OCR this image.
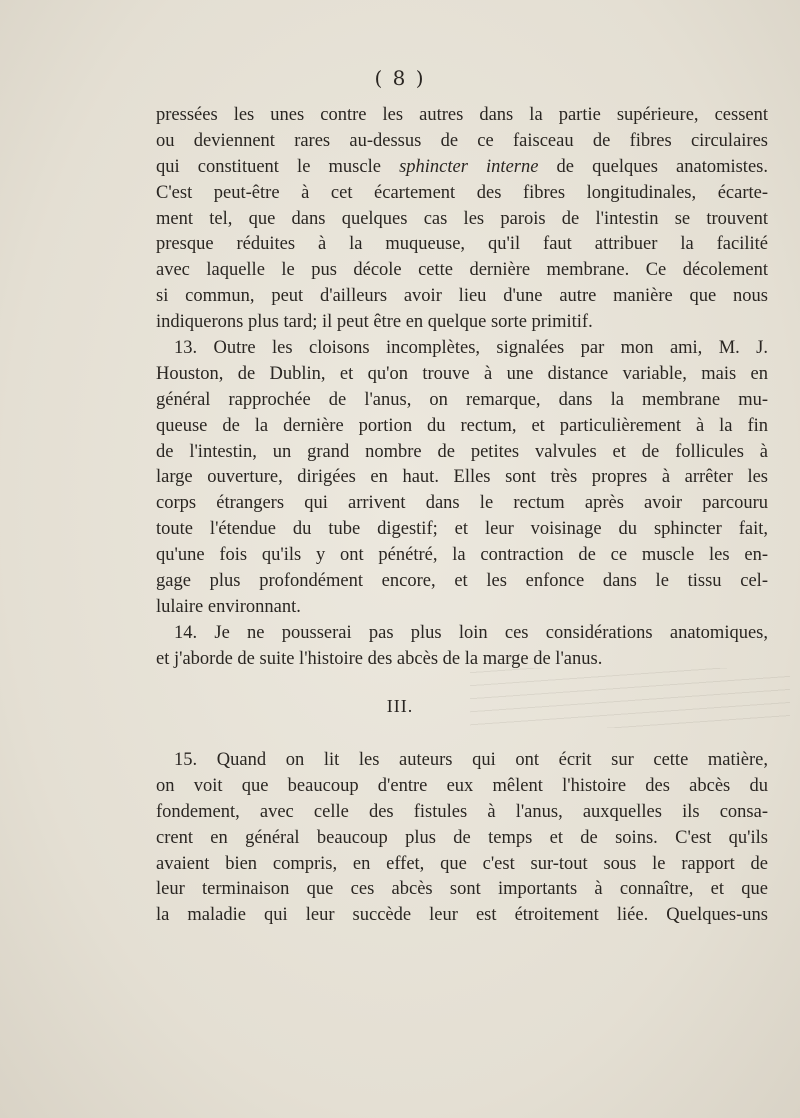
( 8 )
pressées les unes contre les autres dans la partie supérieure, cessent
ou deviennent rares au-dessus de ce faisceau de fibres circulaires
qui constituent le muscle sphincter interne de quelques anatomistes.
C'est peut-être à cet écartement des fibres longitudinales, écarte-
ment tel, que dans quelques cas les parois de l'intestin se trouvent
presque réduites à la muqueuse, qu'il faut attribuer la facilité
avec laquelle le pus décole cette dernière membrane. Ce décolement
si commun, peut d'ailleurs avoir lieu d'une autre manière que nous
indiquerons plus tard; il peut être en quelque sorte primitif.
13. Outre les cloisons incomplètes, signalées par mon ami, M. J.
Houston, de Dublin, et qu'on trouve à une distance variable, mais en
général rapprochée de l'anus, on remarque, dans la membrane mu-
queuse de la dernière portion du rectum, et particulièrement à la fin
de l'intestin, un grand nombre de petites valvules et de follicules à
large ouverture, dirigées en haut. Elles sont très propres à arrêter les
corps étrangers qui arrivent dans le rectum après avoir parcouru
toute l'étendue du tube digestif; et leur voisinage du sphincter fait,
qu'une fois qu'ils y ont pénétré, la contraction de ce muscle les en-
gage plus profondément encore, et les enfonce dans le tissu cel-
lulaire environnant.
14. Je ne pousserai pas plus loin ces considérations anatomiques,
et j'aborde de suite l'histoire des abcès de la marge de l'anus.
III.
15. Quand on lit les auteurs qui ont écrit sur cette matière,
on voit que beaucoup d'entre eux mêlent l'histoire des abcès du
fondement, avec celle des fistules à l'anus, auxquelles ils consa-
crent en général beaucoup plus de temps et de soins. C'est qu'ils
avaient bien compris, en effet, que c'est sur-tout sous le rapport de
leur terminaison que ces abcès sont importants à connaître, et que
la maladie qui leur succède leur est étroitement liée. Quelques-uns
